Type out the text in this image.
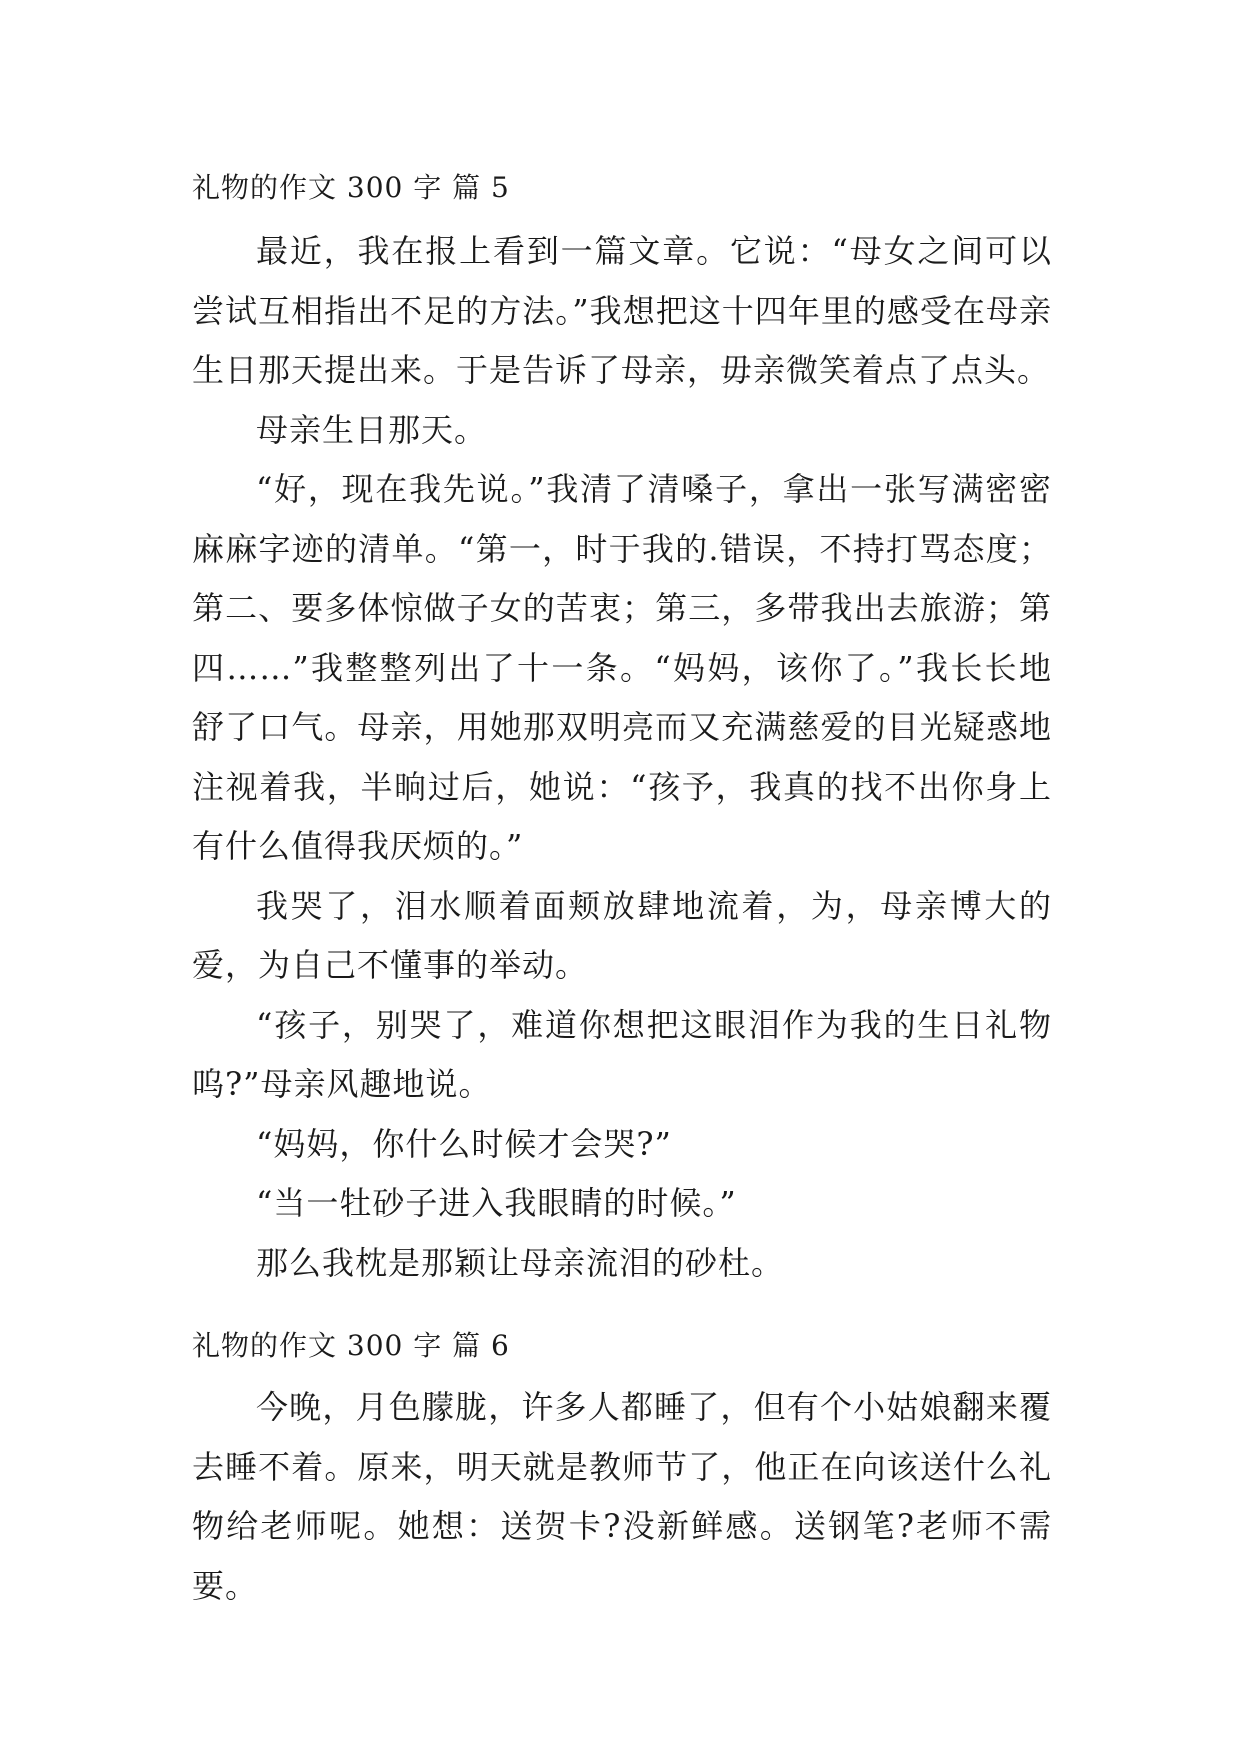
礼物的作文 300 字 篇 5

最近，我在报上看到一篇文章。它说：“母女之间可以尝试互相指出不足的方法。”我想把这十四年里的感受在母亲生日那天提出来。于是告诉了母亲，毋亲微笑着点了点头。

母亲生日那天。

“好，现在我先说。”我清了清嗓子，拿出一张写满密密麻麻字迹的清单。“第一，时于我的.错误，不持打骂态度；第二、要多体惊做子女的苦衷；第三，多带我出去旅游；第四……”我整整列出了十一条。“妈妈，该你了。”我长长地舒了口气。母亲，用她那双明亮而又充满慈爱的目光疑惑地注视着我，半晌过后，她说：“孩予，我真的找不出你身上有什么值得我厌烦的。”

我哭了，泪水顺着面颊放肆地流着，为，母亲博大的爱，为自己不懂事的举动。

“孩子，别哭了，难道你想把这眼泪作为我的生日礼物呜?”母亲风趣地说。

“妈妈，你什么时候才会哭?”

“当一牡砂子进入我眼睛的时候。”

那么我枕是那颖让母亲流泪的砂杜。

礼物的作文 300 字 篇 6

今晚，月色朦胧，许多人都睡了，但有个小姑娘翻来覆去睡不着。原来，明天就是教师节了，他正在向该送什么礼物给老师呢。她想：送贺卡?没新鲜感。送钢笔?老师不需要。
